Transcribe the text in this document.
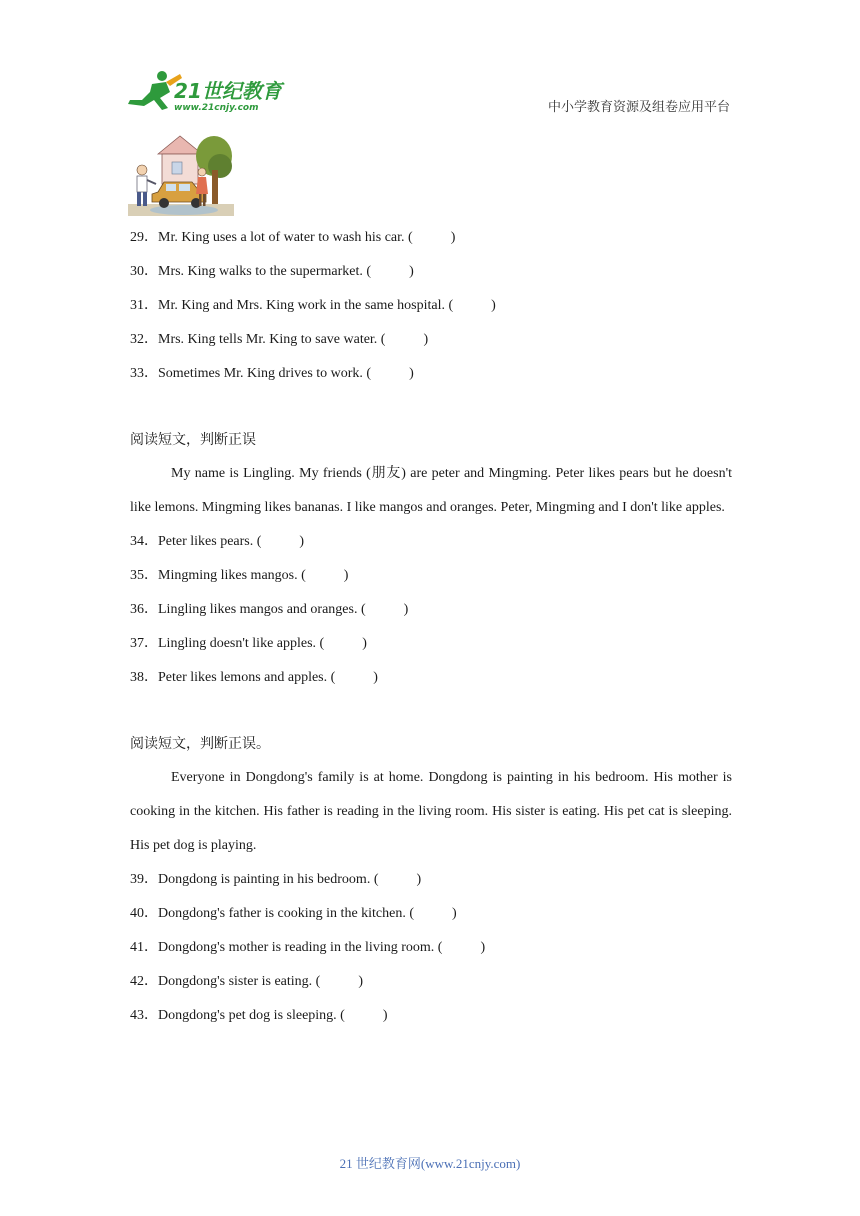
21世纪教育
www.21cnjy.com	中小学教育资源及组卷应用平台
29．Mr. King uses a lot of water to wash his car. (	)
30．Mrs. King walks to the supermarket. (	)
31．Mr. King and Mrs. King work in the same hospital. (	)
32．Mrs. King tells Mr. King to save water. (	)
33．Sometimes Mr. King drives to work. (	)
阅读短文，判断正误
My name is Lingling. My friends (朋友) are peter and Mingming. Peter likes pears but he doesn't like lemons. Mingming likes bananas. I like mangos and oranges. Peter, Mingming and I don't like apples.
34．Peter likes pears. (	)
35．Mingming likes mangos. (	)
36．Lingling likes mangos and oranges. (	)
37．Lingling doesn't like apples. (	)
38．Peter likes lemons and apples. (	)
阅读短文，判断正误。
Everyone in Dongdong's family is at home. Dongdong is painting in his bedroom. His mother is cooking in the kitchen. His father is reading in the living room. His sister is eating. His pet cat is sleeping. His pet dog is playing.
39．Dongdong is painting in his bedroom. (	)
40．Dongdong's father is cooking in the kitchen. (	)
41．Dongdong's mother is reading in the living room. (	)
42．Dongdong's sister is eating. (	)
43．Dongdong's pet dog is sleeping. (	)
21 世纪教育网(www.21cnjy.com)
